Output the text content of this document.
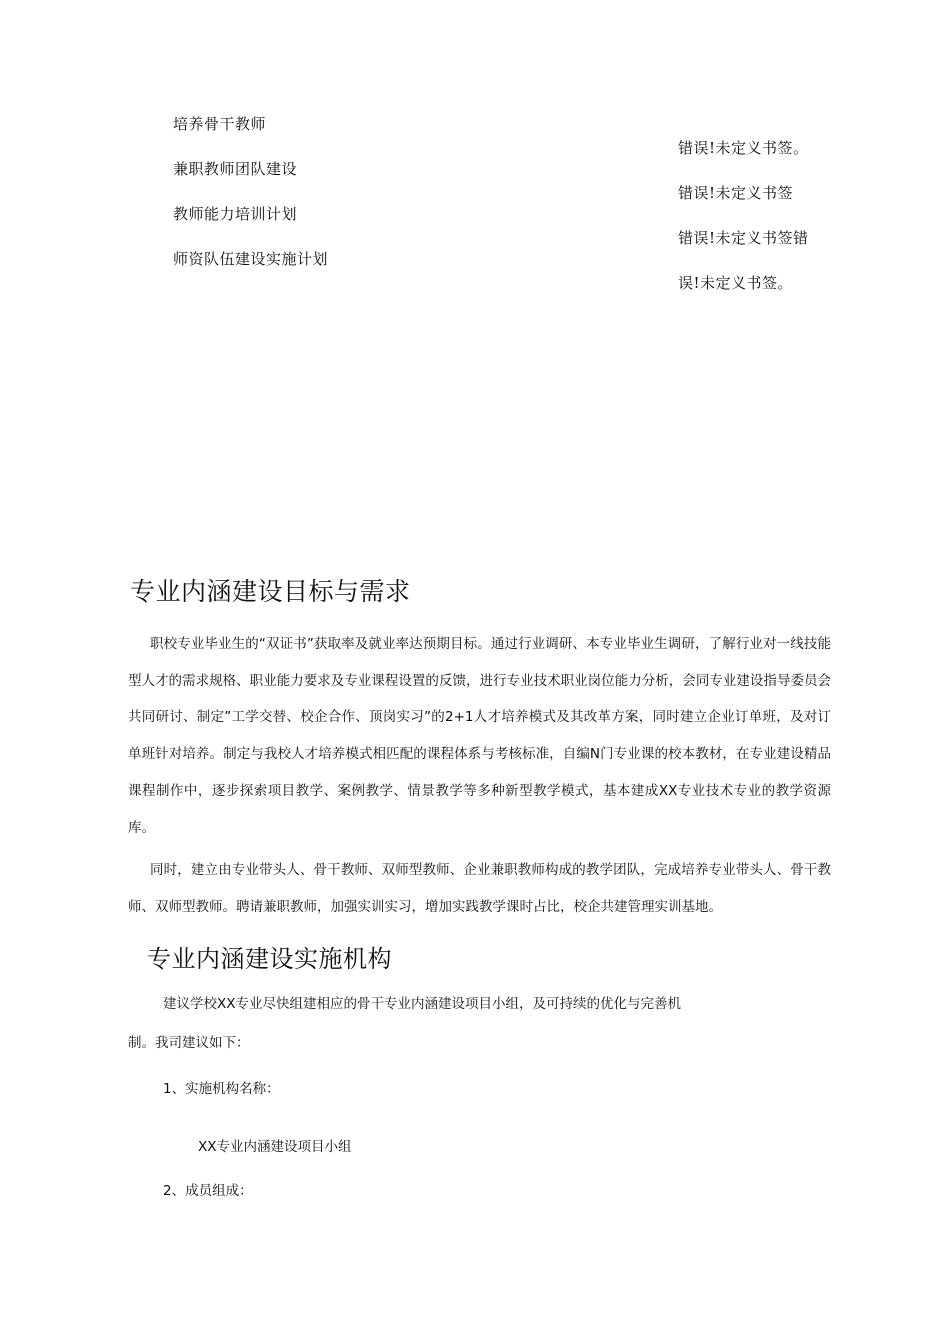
培养骨干教师
兼职教师团队建设
教师能力培训计划
师资队伍建设实施计划
错误!未定义书签。
错误!未定义书签
错误!未定义书签错
误!未定义书签。
专业内涵建设目标与需求
职校专业毕业生的“双证书”获取率及就业率达预期目标。通过行业调研、本专业毕业生调研，了解行业对一线技能型人才的需求规格、职业能力要求及专业课程设置的反馈，进行专业技术职业岗位能力分析，会同专业建设指导委员会共同研讨、制定”工学交替、校企合作、顶岗实习”的2+1人才培养模式及其改革方案，同时建立企业订单班，及对订单班针对培养。制定与我校人才培养模式相匹配的课程体系与考核标准，自编N门专业课的校本教材，在专业建设精品课程制作中，逐步探索项目教学、案例教学、情景教学等多种新型教学模式，基本建成XX专业技术专业的教学资源库。
同时，建立由专业带头人、骨干教师、双师型教师、企业兼职教师构成的教学团队，完成培养专业带头人、骨干教师、双师型教师。聘请兼职教师，加强实训实习，增加实践教学课时占比，校企共建管理实训基地。
专业内涵建设实施机构
建议学校XX专业尽快组建相应的骨干专业内涵建设项目小组，及可持续的优化与完善机
制。我司建议如下：
1、实施机构名称：
XX专业内涵建设项目小组
2、成员组成：
